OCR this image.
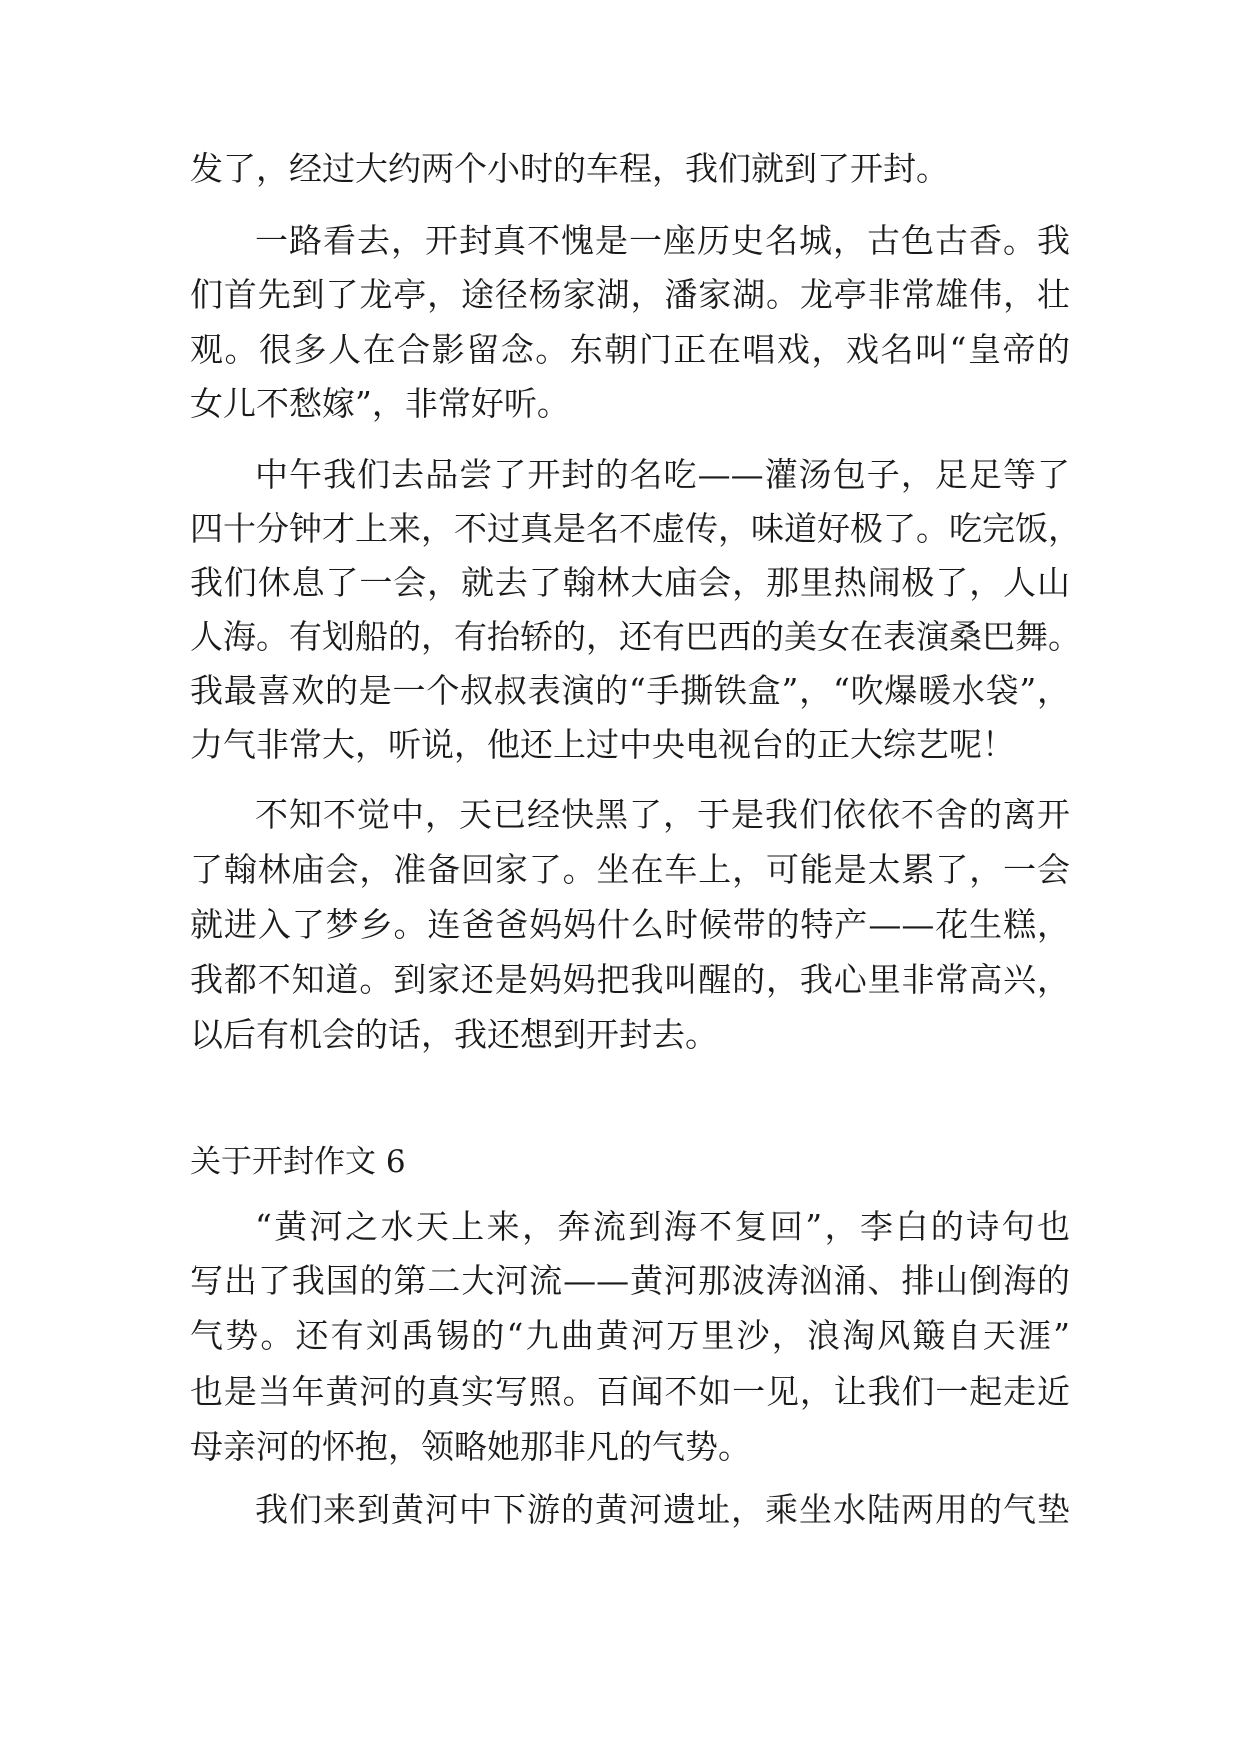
发了，经过大约两个小时的车程，我们就到了开封。
一路看去，开封真不愧是一座历史名城，古色古香。我
们首先到了龙亭，途径杨家湖，潘家湖。龙亭非常雄伟，壮
观。很多人在合影留念。东朝门正在唱戏，戏名叫“皇帝的
女儿不愁嫁”，非常好听。
中午我们去品尝了开封的名吃——灌汤包子，足足等了
四十分钟才上来，不过真是名不虚传，味道好极了。吃完饭，
我们休息了一会，就去了翰林大庙会，那里热闹极了，人山
人海。有划船的，有抬轿的，还有巴西的美女在表演桑巴舞。
我最喜欢的是一个叔叔表演的“手撕铁盒”，“吹爆暖水袋”，
力气非常大，听说，他还上过中央电视台的正大综艺呢！
不知不觉中，天已经快黑了，于是我们依依不舍的离开
了翰林庙会，准备回家了。坐在车上，可能是太累了，一会
就进入了梦乡。连爸爸妈妈什么时候带的特产——花生糕，
我都不知道。到家还是妈妈把我叫醒的，我心里非常高兴，
以后有机会的话，我还想到开封去。
关于开封作文 6
“黄河之水天上来，奔流到海不复回”，李白的诗句也
写出了我国的第二大河流——黄河那波涛汹涌、排山倒海的
气势。还有刘禹锡的“九曲黄河万里沙，浪淘风簸自天涯”
也是当年黄河的真实写照。百闻不如一见，让我们一起走近
母亲河的怀抱，领略她那非凡的气势。
我们来到黄河中下游的黄河遗址，乘坐水陆两用的气垫
